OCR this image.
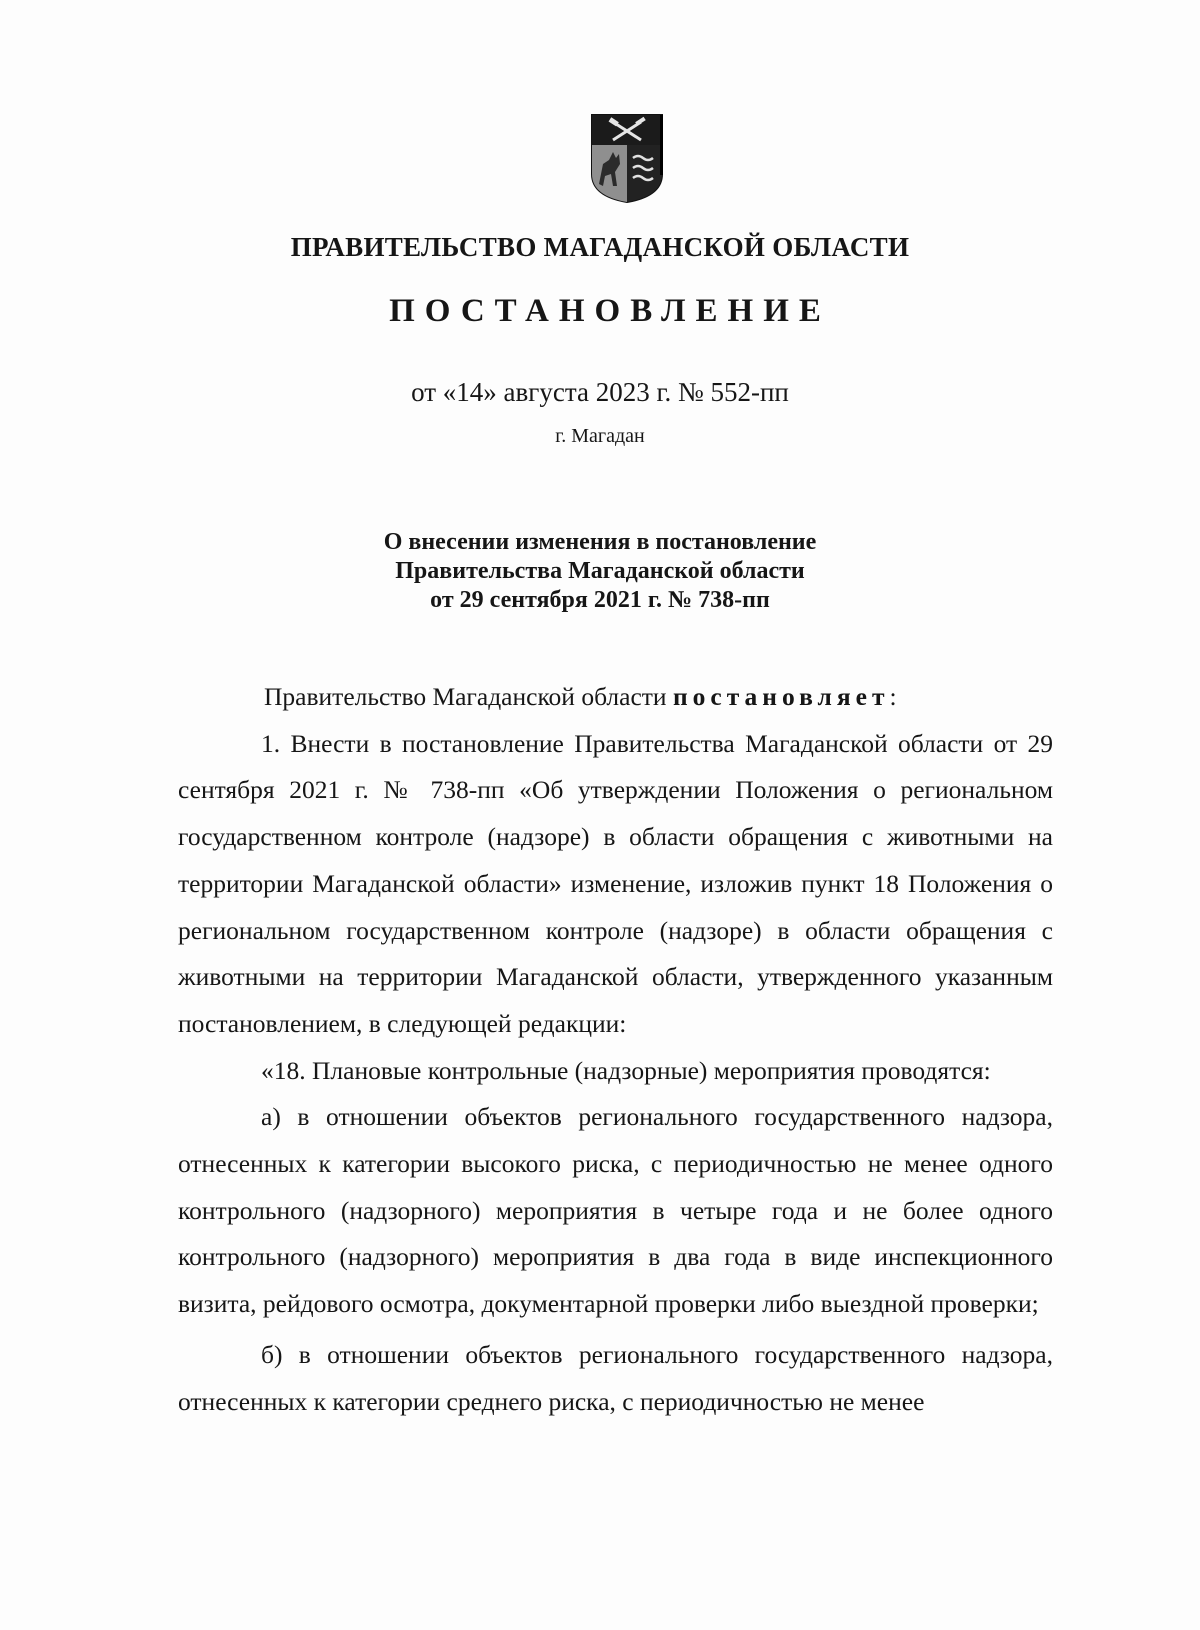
ПРАВИТЕЛЬСТВО МАГАДАНСКОЙ ОБЛАСТИ
ПОСТАНОВЛЕНИЕ
от «14» августа 2023 г. № 552-пп
г. Магадан
О внесении изменения в постановление
Правительства Магаданской области
от 29 сентября 2021 г. № 738-пп

Правительство Магаданской области постановляет:

1. Внести в постановление Правительства Магаданской области от 29 сентября 2021 г. № 738-пп «Об утверждении Положения о региональном государственном контроле (надзоре) в области обращения с животными на территории Магаданской области» изменение, изложив пункт 18 Положения о региональном государственном контроле (надзоре) в области обращения с животными на территории Магаданской области, утвержденного указанным постановлением, в следующей редакции:

«18. Плановые контрольные (надзорные) мероприятия проводятся:

а) в отношении объектов регионального государственного надзора, отнесенных к категории высокого риска, с периодичностью не менее одного контрольного (надзорного) мероприятия в четыре года и не более одного контрольного (надзорного) мероприятия в два года в виде инспекционного визита, рейдового осмотра, документарной проверки либо выездной проверки;

б) в отношении объектов регионального государственного надзора, отнесенных к категории среднего риска, с периодичностью не менее
